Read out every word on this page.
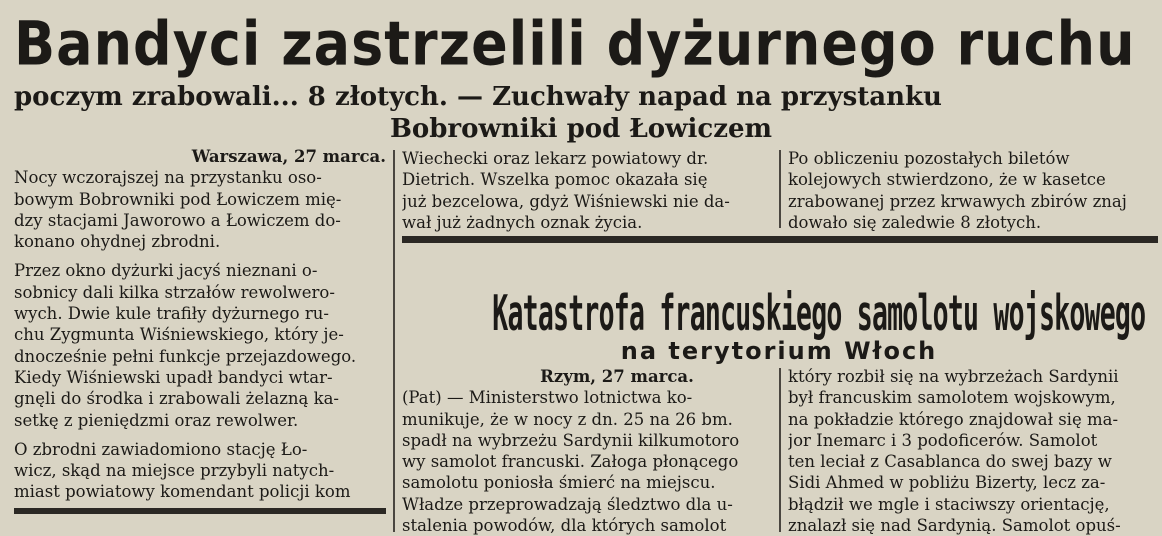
Bandyci zastrzelili dyżurnego ruchu
poczym zrabowali... 8 złotych. — Zuchwały napad na przystanku
Bobrowniki pod Łowiczem
Warszawa, 27 marca.
Nocy wczorajszej na przystanku oso-
bowym Bobrowniki pod Łowiczem mię-
dzy stacjami Jaworowo a Łowiczem do-
konano ohydnej zbrodni.
Przez okno dyżurki jacyś nieznani o-
sobnicy dali kilka strzałów rewolwero-
wych. Dwie kule trafiły dyżurnego ru-
chu Zygmunta Wiśniewskiego, który je-
dnocześnie pełni funkcje przejazdowego.
Kiedy Wiśniewski upadł bandyci wtar-
gnęli do środka i zrabowali żelazną ka-
setkę z pieniędzmi oraz rewolwer.
O zbrodni zawiadomiono stację Ło-
wicz, skąd na miejsce przybyli natych-
miast powiatowy komendant policji kom
Wiechecki oraz lekarz powiatowy dr.
Dietrich. Wszelka pomoc okazała się
już bezcelowa, gdyż Wiśniewski nie da-
wał już żadnych oznak życia.
Po obliczeniu pozostałych biletów
kolejowych stwierdzono, że w kasetce
zrabowanej przez krwawych zbirów znaj
dowało się zaledwie 8 złotych.
Katastrofa francuskiego samolotu wojskowego
na terytorium Włoch
Rzym, 27 marca.
(Pat) — Ministerstwo lotnictwa ko-
munikuje, że w nocy z dn. 25 na 26 bm.
spadł na wybrzeżu Sardynii kilkumotoro
wy samolot francuski. Załoga płonącego
samolotu poniosła śmierć na miejscu.
Władze przeprowadzają śledztwo dla u-
stalenia powodów, dla których samolot
który rozbił się na wybrzeżach Sardynii
był francuskim samolotem wojskowym,
na pokładzie którego znajdował się ma-
jor Inemarc i 3 podoficerów. Samolot
ten leciał z Casablanca do swej bazy w
Sidi Ahmed w pobliżu Bizerty, lecz za-
błądził we mgle i staciwszy orientację,
znalazł się nad Sardynią. Samolot opuś-
